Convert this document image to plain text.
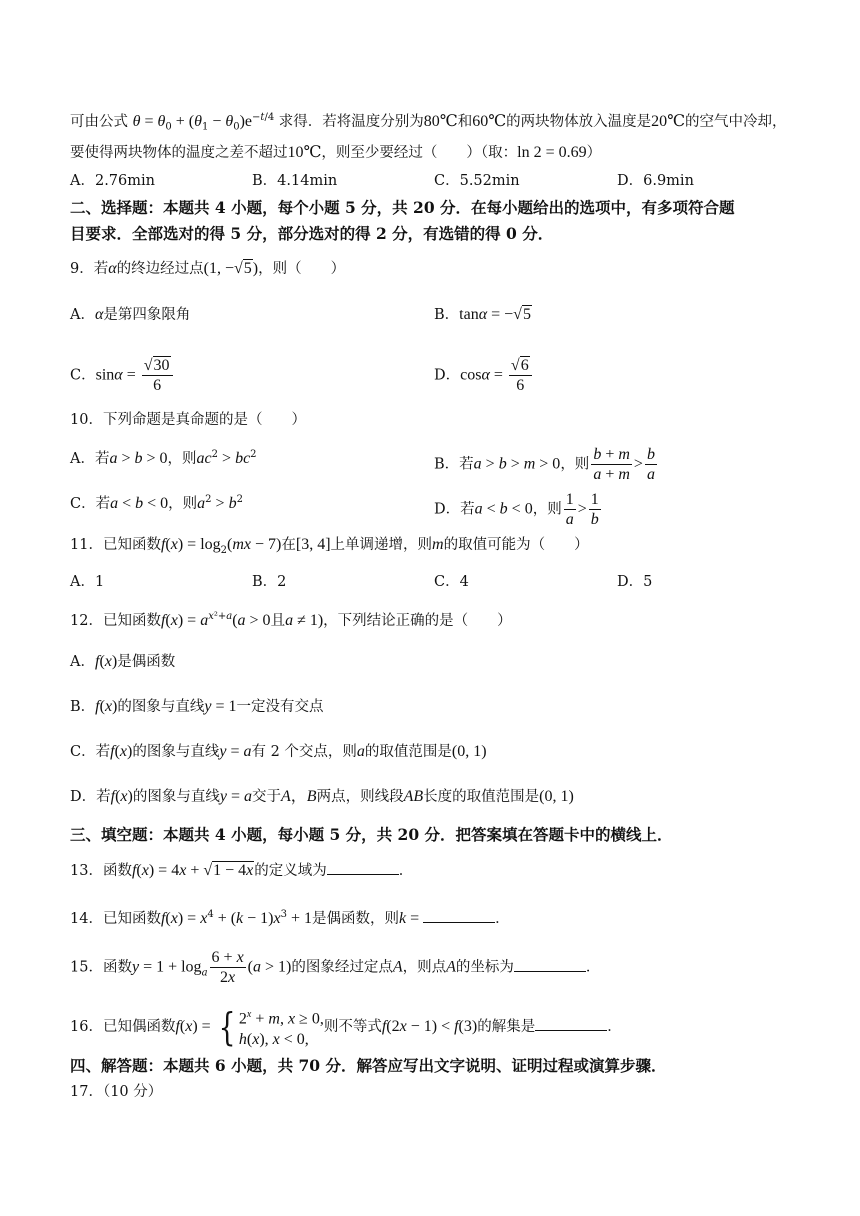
可由公式 $\theta = \theta_0 + (\theta_1 - \theta_0)e^{-t/4}$ 求得．若将温度分别为80℃和60℃的两块物体放入温度是20℃的空气中冷却，
要使得两块物体的温度之差不超过10℃，则至少要经过（　　）（取：ln 2 = 0.69）
A．2.76min	B．4.14min	C．5.52min	D．6.9min
二、选择题：本题共 4 小题，每个小题 5 分，共 20 分．在每小题给出的选项中，有多项符合题
目要求．全部选对的得 5 分，部分选对的得 2 分，有选错的得 0 分．
9．若α的终边经过点(1, −√5)，则（　　）
A．α是第四象限角	B．tanα = −√5
C．$\sin\alpha = \frac{√30}{6}$	D．$\cos\alpha = \frac{√6}{6}$
10．下列命题是真命题的是（　　）
A．若a > b > 0，则$ac^2 > bc^2$
B．若a > b > m > 0，则 $\frac{b + m}{a + m} > \frac{b}{a}$
C．若a < b < 0，则$a^2 > b^2$
D．若a < b < 0，则 $\frac{1}{a} > \frac{1}{b}$
11．已知函数$f(x) = \log_2(mx - 7)$在[3, 4]上单调递增，则m的取值可能为（　　）
A．1	B．2	C．4	D．5
12．已知函数$f(x) = a^{x^2+a}(a > 0$且a ≠ 1)，下列结论正确的是（　　）
A．f(x)是偶函数
B．f(x)的图象与直线y = 1一定没有交点
C．若f(x)的图象与直线y = a有 2 个交点，则a的取值范围是(0, 1)
D．若f(x)的图象与直线y = a交于A，B两点，则线段AB长度的取值范围是(0, 1)
三、填空题：本题共 4 小题，每小题 5 分，共 20 分．把答案填在答题卡中的横线上．
13．函数f(x) = 4x + √1 − 4x的定义域为	．
14．已知函数$f(x) = x^4 + (k - 1)x^3 + 1$是偶函数，则k =	．
15．函数$y = 1 + \log_a \frac{6 + x}{2x} (a > 1)$的图象经过定点A，则点A的坐标为	．
16．已知偶函数f(x) = { $2^x + m$, x ≥ 0,
h(x), x < 0,
则不等式f(2x − 1) < f(3)的解集是	．
四、解答题：本题共 6 小题，共 70 分．解答应写出文字说明、证明过程或演算步骤．
17．（10 分）
